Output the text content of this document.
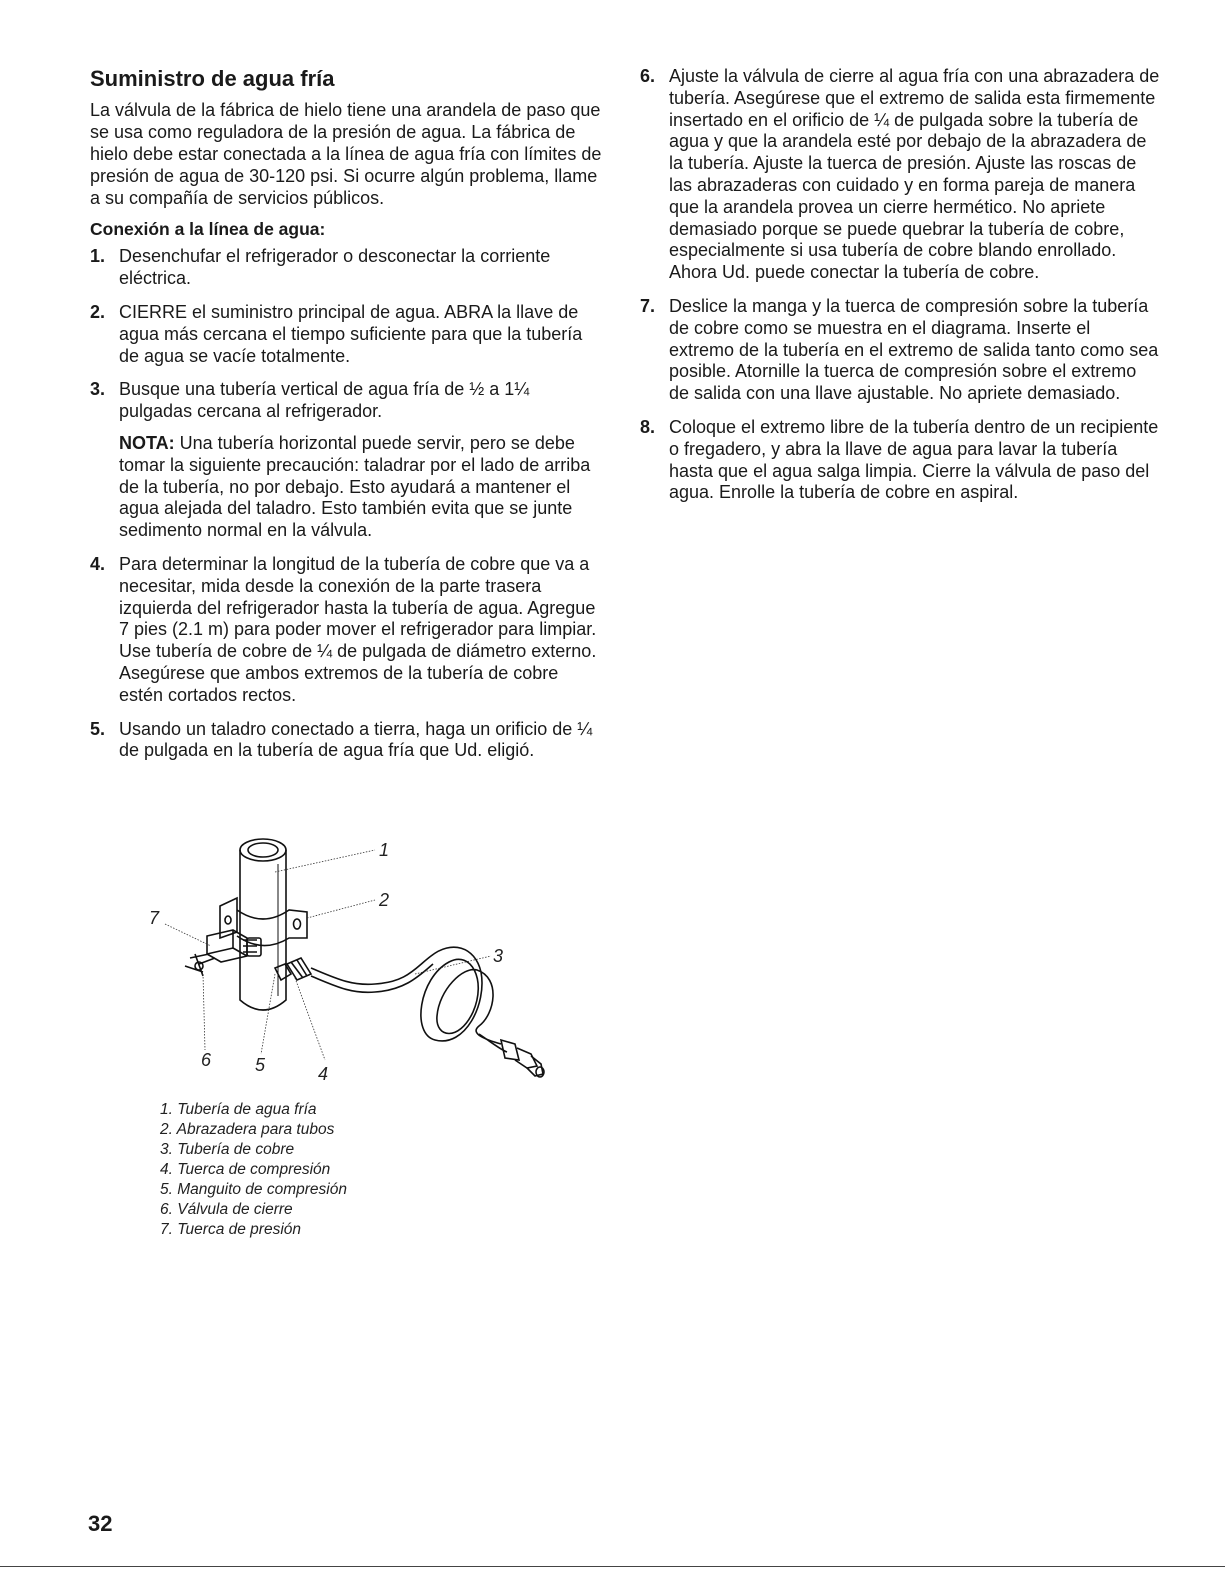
Suministro de agua fría

La válvula de la fábrica de hielo tiene una arandela de paso que se usa como reguladora de la presión de agua. La fábrica de hielo debe estar conectada a la línea de agua fría con límites de presión de agua de 30-120 psi. Si ocurre algún problema, llame a su compañía de servicios públicos.

Conexión a la línea de agua:
1. Desenchufar el refrigerador o desconectar la corriente eléctrica.
2. CIERRE el suministro principal de agua. ABRA la llave de agua más cercana el tiempo suficiente para que la tubería de agua se vacíe totalmente.
3. Busque una tubería vertical de agua fría de ½ a 1¼ pulgadas cercana al refrigerador.
NOTA: Una tubería horizontal puede servir, pero se debe tomar la siguiente precaución: taladrar por el lado de arriba de la tubería, no por debajo. Esto ayudará a mantener el agua alejada del taladro. Esto también evita que se junte sedimento normal en la válvula.
4. Para determinar la longitud de la tubería de cobre que va a necesitar, mida desde la conexión de la parte trasera izquierda del refrigerador hasta la tubería de agua. Agregue 7 pies (2.1 m) para poder mover el refrigerador para limpiar. Use tubería de cobre de ¼ de pulgada de diámetro externo. Asegúrese que ambos extremos de la tubería de cobre estén cortados rectos.
5. Usando un taladro conectado a tierra, haga un orificio de ¼ de pulgada en la tubería de agua fría que Ud. eligió.
1
2
3
4
5
6
7
1. Tubería de agua fría
2. Abrazadera para tubos
3. Tubería de cobre
4. Tuerca de compresión
5. Manguito de compresión
6. Válvula de cierre
7. Tuerca de presión
6. Ajuste la válvula de cierre al agua fría con una abrazadera de tubería. Asegúrese que el extremo de salida esta firmemente insertado en el orificio de ¼ de pulgada sobre la tubería de agua y que la arandela esté por debajo de la abrazadera de la tubería. Ajuste la tuerca de presión. Ajuste las roscas de las abrazaderas con cuidado y en forma pareja de manera que la arandela provea un cierre hermético. No apriete demasiado porque se puede quebrar la tubería de cobre, especialmente si usa tubería de cobre blando enrollado. Ahora Ud. puede conectar la tubería de cobre.
7. Deslice la manga y la tuerca de compresión sobre la tubería de cobre como se muestra en el diagrama. Inserte el extremo de la tubería en el extremo de salida tanto como sea posible. Atornille la tuerca de compresión sobre el extremo de salida con una llave ajustable. No apriete demasiado.
8. Coloque el extremo libre de la tubería dentro de un recipiente o fregadero, y abra la llave de agua para lavar la tubería hasta que el agua salga limpia. Cierre la válvula de paso del agua. Enrolle la tubería de cobre en aspiral.
32
